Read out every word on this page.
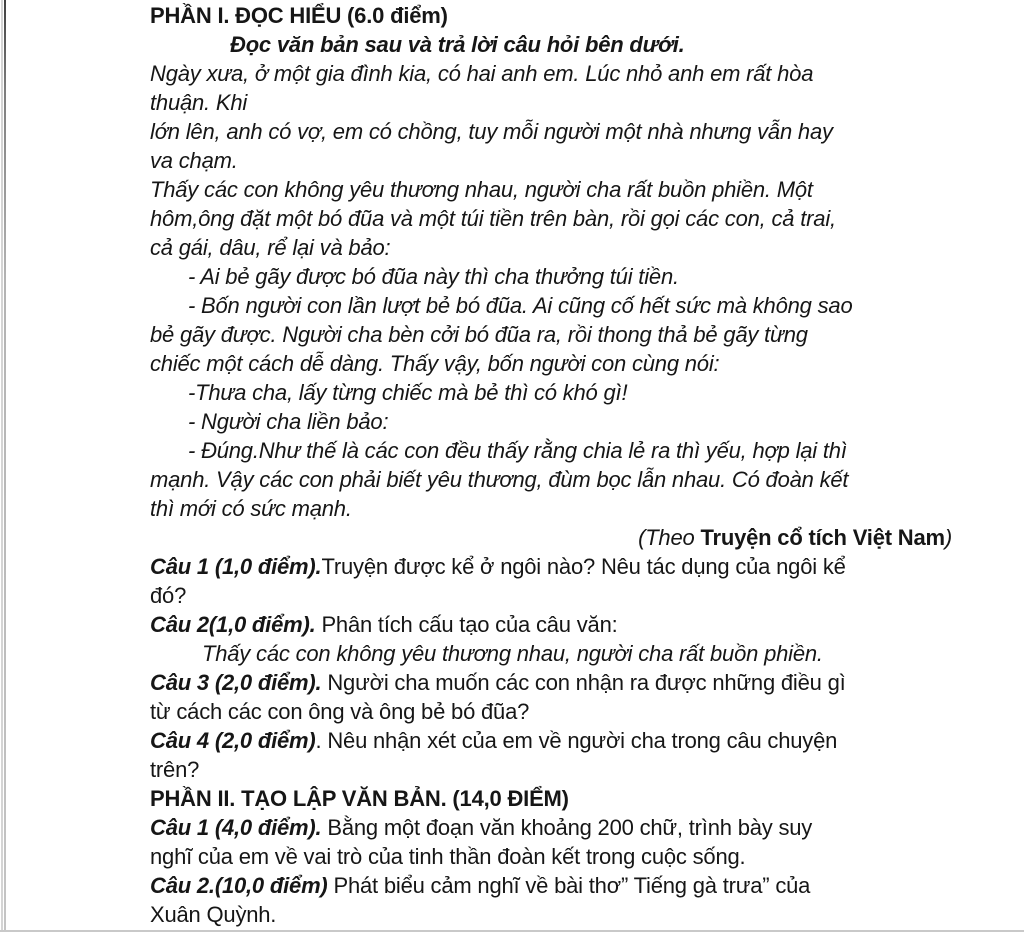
PHẦN I. ĐỌC HIỂU (6.0 điểm)
Đọc văn bản sau và trả lời câu hỏi bên dưới.
Ngày xưa, ở một gia đình kia, có hai anh em. Lúc nhỏ anh em rất hòa
thuận. Khi
lớn lên, anh có vợ, em có chồng, tuy mỗi người một nhà nhưng vẫn hay
va chạm.
Thấy các con không yêu thương nhau, người cha rất buồn phiền. Một
hôm,ông đặt một bó đũa và một túi tiền trên bàn, rồi gọi các con, cả trai,
cả gái, dâu, rể lại và bảo:
- Ai bẻ gãy được bó đũa này thì cha thưởng túi tiền.
- Bốn người con lần lượt bẻ bó đũa. Ai cũng cố hết sức mà không sao
bẻ gãy được. Người cha bèn cởi bó đũa ra, rồi thong thả bẻ gãy từng
chiếc một cách dễ dàng. Thấy vậy, bốn người con cùng nói:
-Thưa cha, lấy từng chiếc mà bẻ thì có khó gì!
- Người cha liền bảo:
- Đúng.Như thế là các con đều thấy rằng chia lẻ ra thì yếu, hợp lại thì
mạnh. Vậy các con phải biết yêu thương, đùm bọc lẫn nhau. Có đoàn kết
thì mới có sức mạnh.
(Theo Truyện cổ tích Việt Nam)
Câu 1 (1,0 điểm).Truyện được kể ở ngôi nào? Nêu tác dụng của ngôi kể
đó?
Câu 2(1,0 điểm). Phân tích cấu tạo của câu văn:
Thấy các con không yêu thương nhau, người cha rất buồn phiền.
Câu 3 (2,0 điểm). Người cha muốn các con nhận ra được những điều gì
từ cách các con ông và ông bẻ bó đũa?
Câu 4 (2,0 điểm). Nêu nhận xét của em về người cha trong câu chuyện
trên?
PHẦN II. TẠO LẬP VĂN BẢN. (14,0 ĐIỂM)
Câu 1 (4,0 điểm). Bằng một đoạn văn khoảng 200 chữ, trình bày suy
nghĩ của em về vai trò của tinh thần đoàn kết trong cuộc sống.
Câu 2.(10,0 điểm) Phát biểu cảm nghĩ về bài thơ” Tiếng gà trưa” của
Xuân Quỳnh.
